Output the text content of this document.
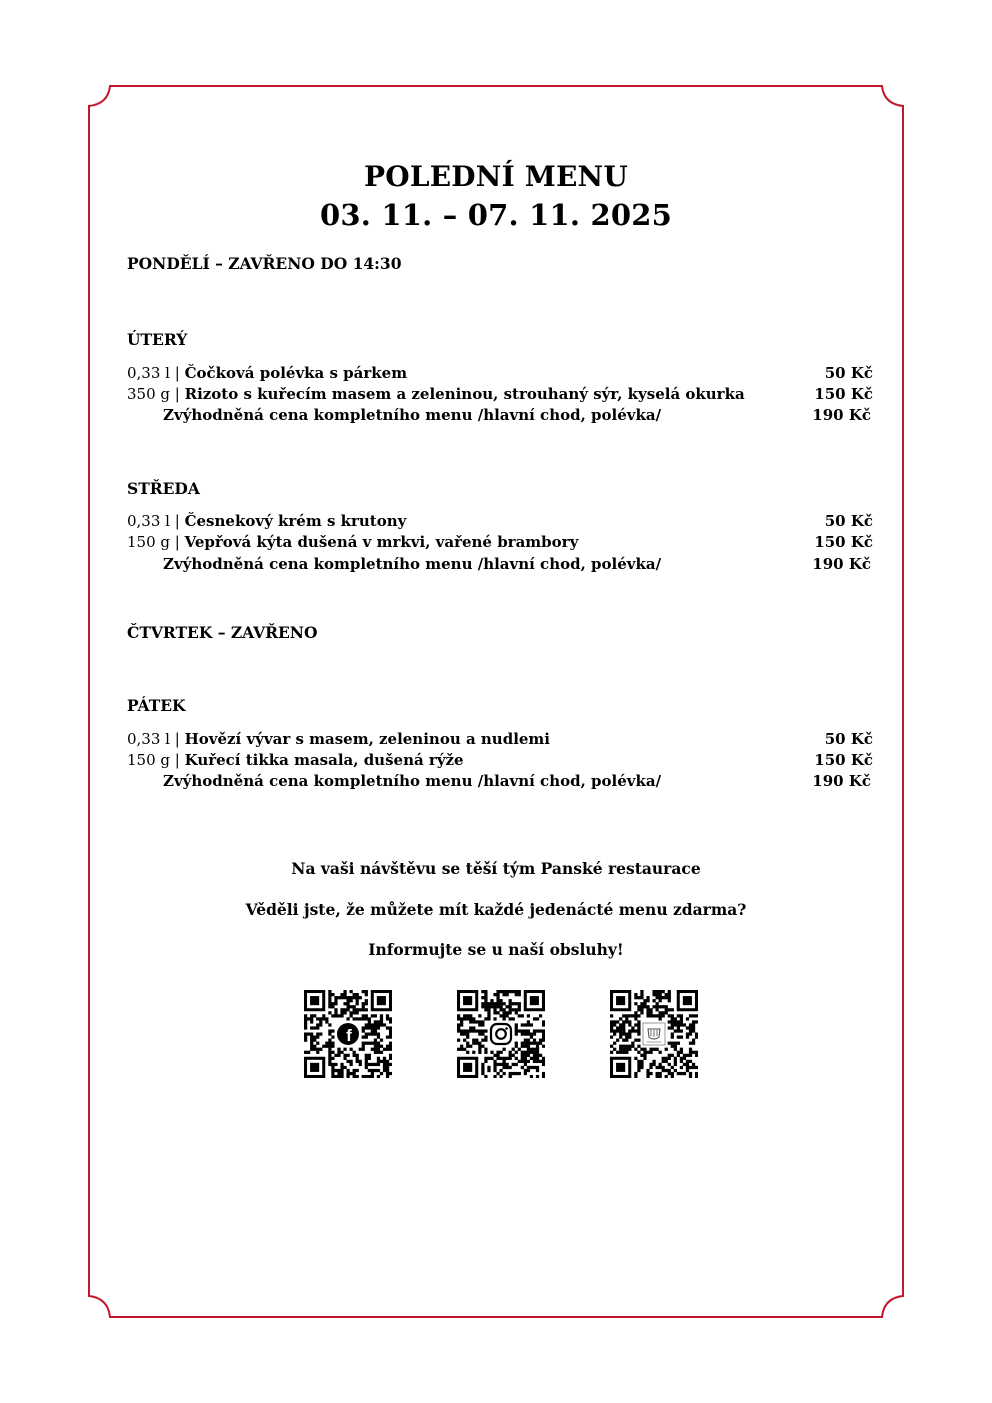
POLEDNÍ MENU
03. 11. – 07. 11. 2025
PONDĚLÍ – ZAVŘENO DO 14:30
ÚTERÝ
0,33 l | Čočková polévka s párkem	50 Kč
350 g | Rizoto s kuřecím masem a zeleninou, strouhaný sýr, kyselá okurka	150 Kč
Zvýhodněná cena kompletního menu /hlavní chod, polévka/	190 Kč
STŘEDA
0,33 l | Česnekový krém s krutony	50 Kč
150 g | Vepřová kýta dušená v mrkvi, vařené brambory	150 Kč
Zvýhodněná cena kompletního menu /hlavní chod, polévka/	190 Kč
ČTVRTEK – ZAVŘENO
PÁTEK
0,33 l | Hovězí vývar s masem, zeleninou a nudlemi	50 Kč
150 g | Kuřecí tikka masala, dušená rýže	150 Kč
Zvýhodněná cena kompletního menu /hlavní chod, polévka/	190 Kč
Na vaši návštěvu se těší tým Panské restaurace
Věděli jste, že můžete mít každé jedenácté menu zdarma?
Informujte se u naší obsluhy!
f
